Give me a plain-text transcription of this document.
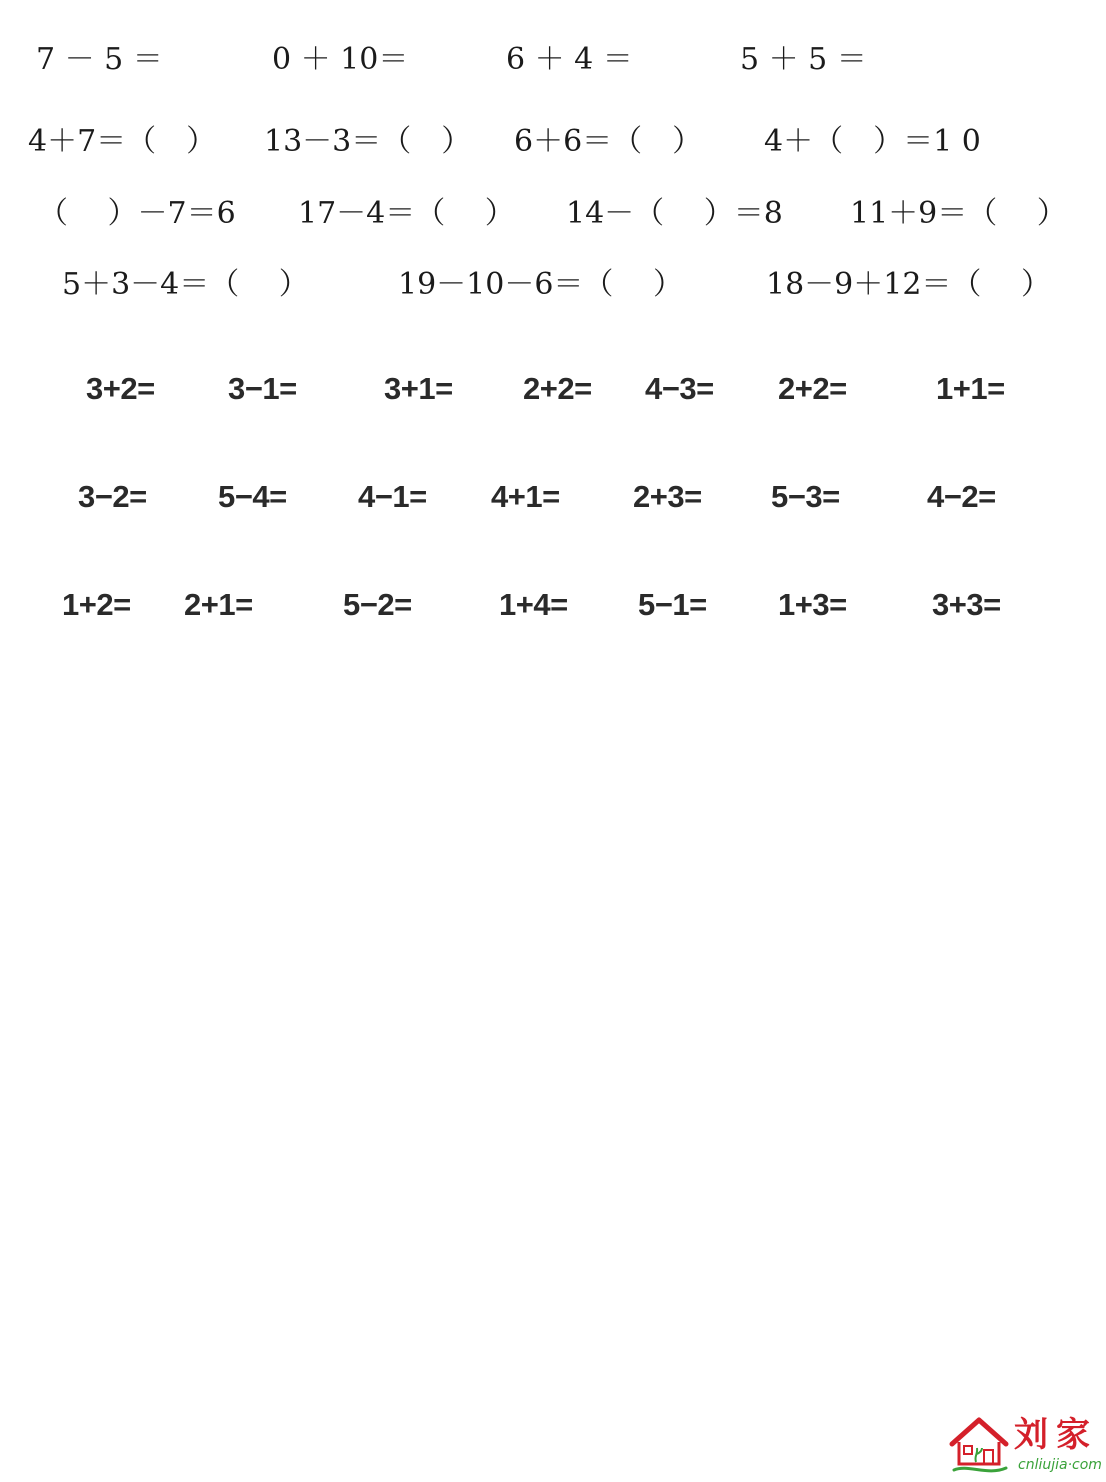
7 － 5 ＝	0 ＋ 10＝	6 ＋ 4 ＝	5 ＋ 5 ＝
4＋7＝（　） 13－3＝（　） 6＋6＝（　） 4＋（　）＝1 0
（　 ）－7＝6 17－4＝（　 ） 14－（　 ）＝8 11＋9＝（　 ）
5＋3－4＝（　 ）	19－10－6＝（　 ）	18－9＋12＝（　 ）
3+2= 3−1=	3+1= 2+2= 4−3= 2+2=	1+1=
3−2= 5−4= 4−1= 4+1= 2+3= 5−3=	4−2=
1+2= 2+1=	5−2=	1+4= 5−1= 1+3=	3+3=
刘家
cnliujia·com
